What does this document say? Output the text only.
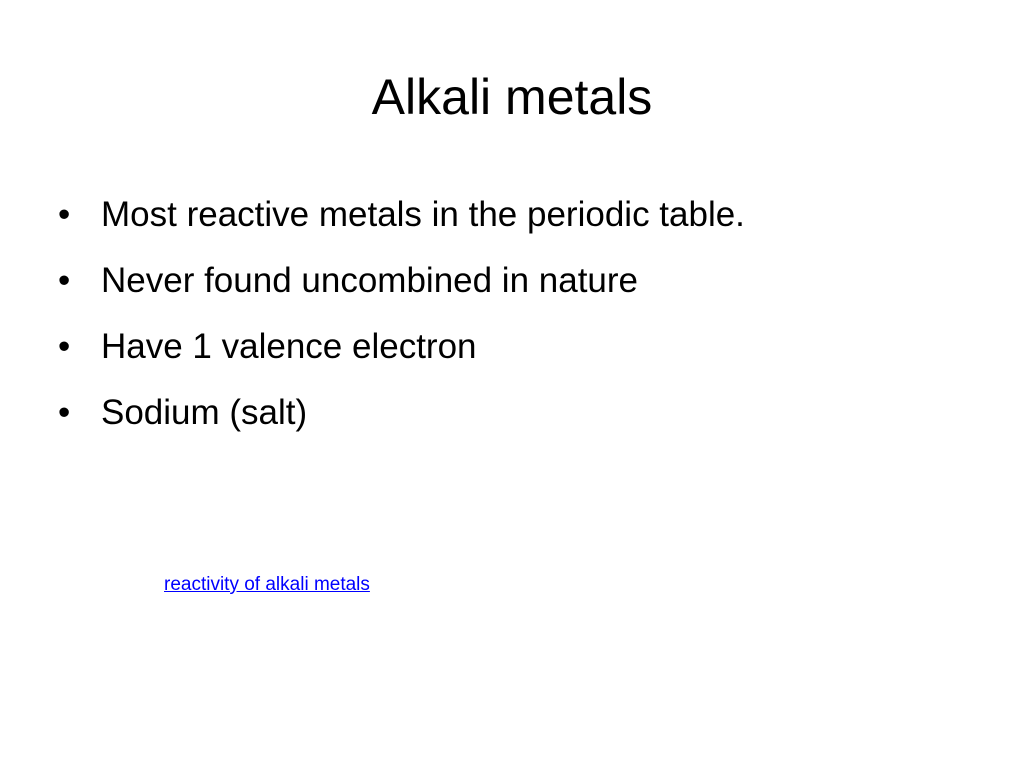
Alkali metals
• Most reactive metals in the periodic table.
• Never found uncombined in nature
• Have 1 valence electron
• Sodium (salt)
reactivity of alkali metals
